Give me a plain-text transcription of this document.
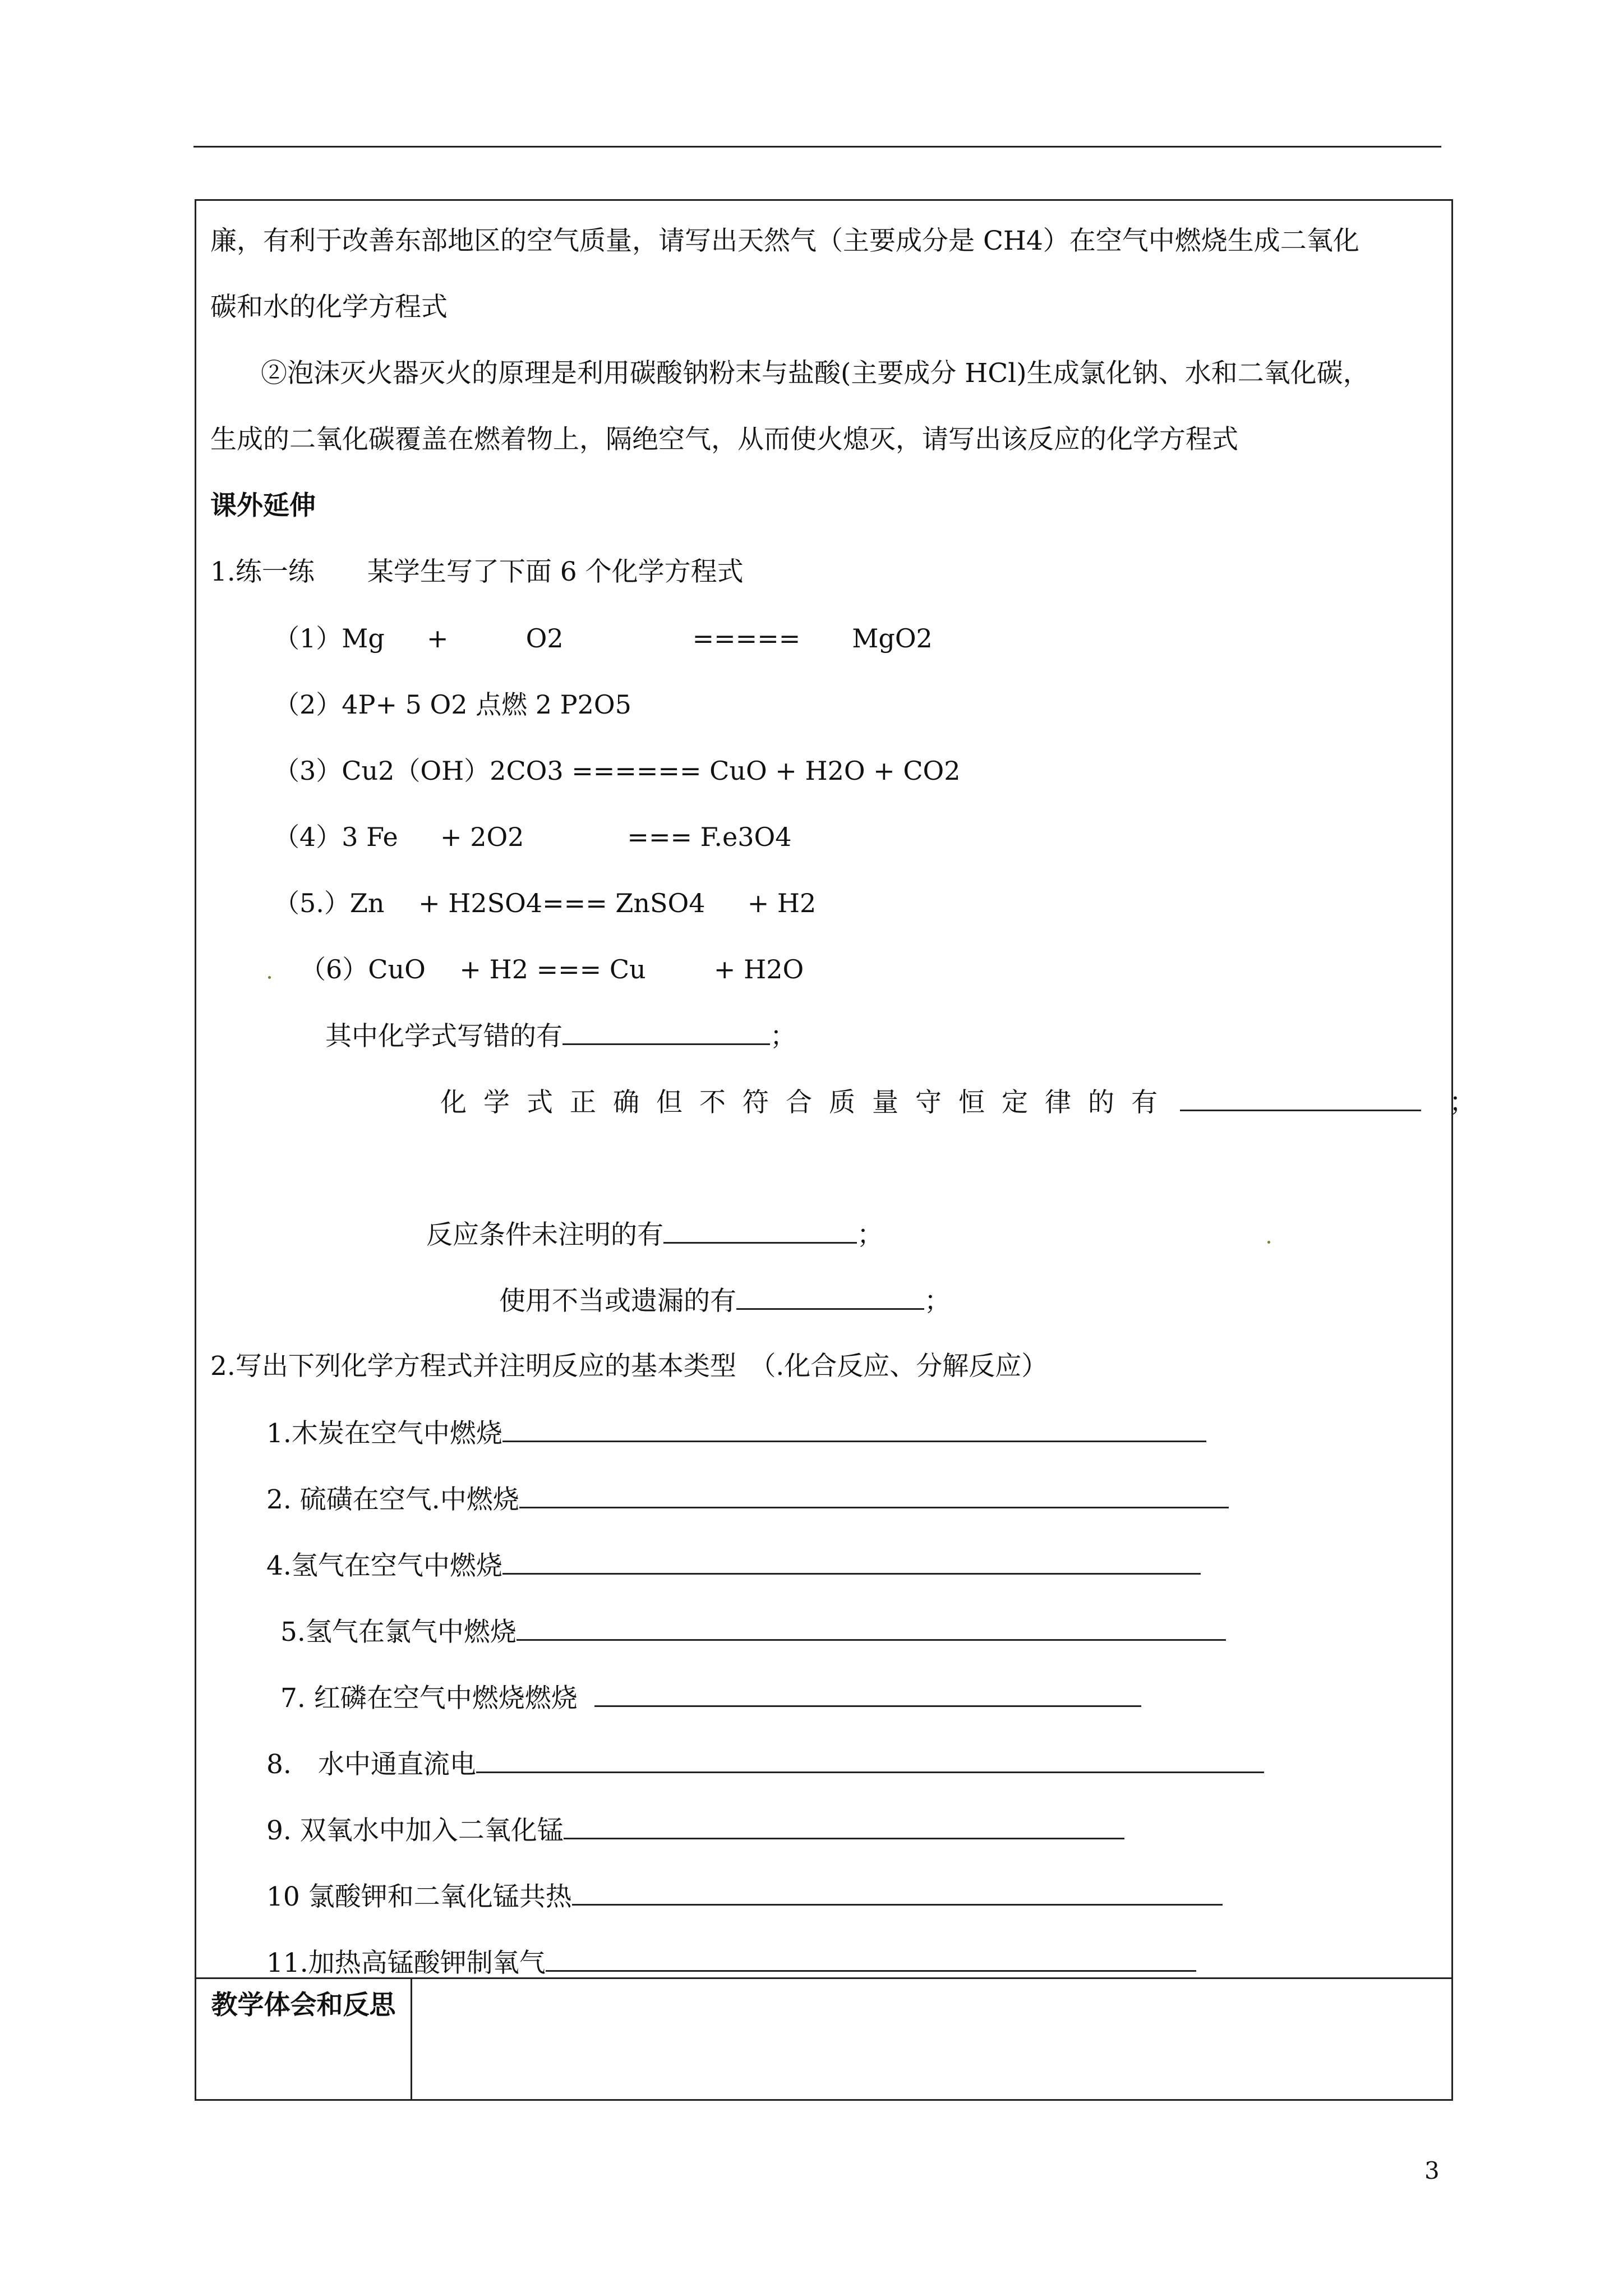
廉，有利于改善东部地区的空气质量，请写出天然气（主要成分是 CH4）在空气中燃烧生成二氧化
碳和水的化学方程式
②泡沫灭火器灭火的原理是利用碳酸钠粉末与盐酸(主要成分 HCl)生成氯化钠、水和二氧化碳，
生成的二氧化碳覆盖在燃着物上，隔绝空气，从而使火熄灭，请写出该反应的化学方程式
课外延伸
1.练一练　　某学生写了下面 6 个化学方程式
（1）Mg　  +　　　O2　　　　　=====　　MgO2
（2）4P+ 5 O2 点燃 2 P2O5
（3）Cu2（OH）2CO3 ====== CuO + H2O + CO2
（4）3 Fe　  + 2O2　　　　=== F.e3O4
（5.）Zn　 + H2SO4=== ZnSO4　  + H2
（6）CuO　 + H2 === Cu　　  + H2O
其中化学式写错的有	；
化学式正确但不符合质量守恒定律的有	；
反应条件未注明的有	；
使用不当或遗漏的有	；
2.写出下列化学方程式并注明反应的基本类型　（.化合反应、分解反应）
1.木炭在空气中燃烧
2. 硫磺在空气.中燃烧
4.氢气在空气中燃烧
5.氢气在氯气中燃烧
7. 红磷在空气中燃烧燃烧
8.　水中通直流电
9. 双氧水中加入二氧化锰
10 氯酸钾和二氧化锰共热
11.加热高锰酸钾制氧气
教学体会和反思
3
